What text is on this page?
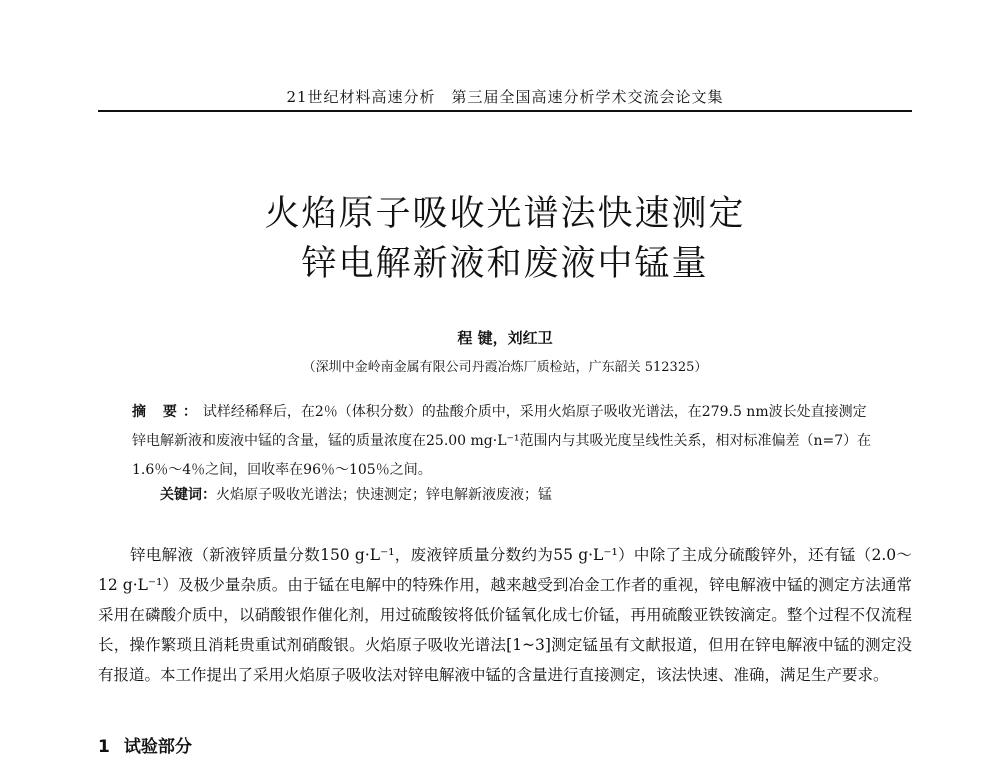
21世纪材料高速分析　第三届全国高速分析学术交流会论文集
火焰原子吸收光谱法快速测定
锌电解新液和废液中锰量
程 键，刘红卫
（深圳中金岭南金属有限公司丹霞冶炼厂质检站，广东韶关 512325）

摘 要：试样经稀释后，在2％（体积分数）的盐酸介质中，采用火焰原子吸收光谱法，在279.5 nm波长处直接测定锌电解新液和废液中锰的含量，锰的质量浓度在25.00 mg·L⁻¹范围内与其吸光度呈线性关系，相对标准偏差（n=7）在1.6％～4％之间，回收率在96％～105％之间。

关键词：火焰原子吸收光谱法；快速测定；锌电解新液废液；锰

锌电解液（新液锌质量分数150 g·L⁻¹，废液锌质量分数约为55 g·L⁻¹）中除了主成分硫酸锌外，还有锰（2.0～12 g·L⁻¹）及极少量杂质。由于锰在电解中的特殊作用，越来越受到冶金工作者的重视，锌电解液中锰的测定方法通常采用在磷酸介质中，以硝酸银作催化剂，用过硫酸铵将低价锰氧化成七价锰，再用硫酸亚铁铵滴定。整个过程不仅流程长，操作繁琐且消耗贵重试剂硝酸银。火焰原子吸收光谱法[1~3]测定锰虽有文献报道，但用在锌电解液中锰的测定没有报道。本工作提出了采用火焰原子吸收法对锌电解液中锰的含量进行直接测定，该法快速、准确，满足生产要求。

1 试验部分
